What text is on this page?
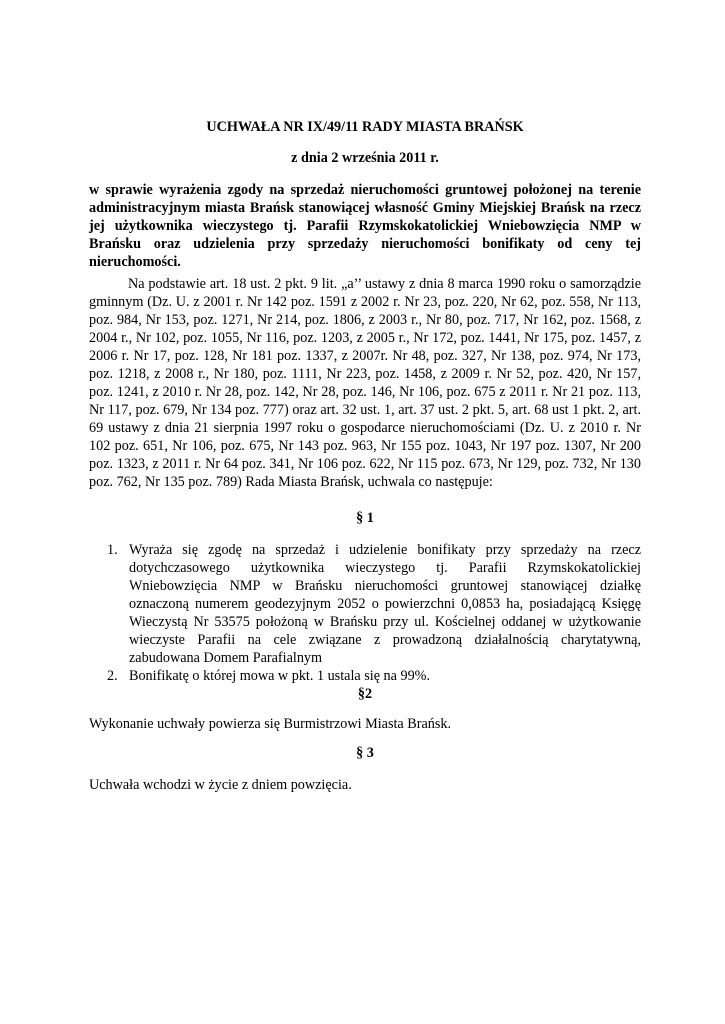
UCHWAŁA NR IX/49/11 RADY MIASTA BRAŃSK
z dnia 2 września 2011 r.
w sprawie wyrażenia zgody na sprzedaż nieruchomości gruntowej położonej na terenie administracyjnym miasta Brańsk stanowiącej własność Gminy Miejskiej Brańsk na rzecz jej użytkownika wieczystego tj. Parafii Rzymskokatolickiej Wniebowzięcia NMP w Brańsku oraz udzielenia przy sprzedaży nieruchomości bonifikaty od ceny tej nieruchomości.
Na podstawie art. 18 ust. 2 pkt. 9 lit. „a’’ ustawy z dnia 8 marca 1990 roku o samorządzie gminnym (Dz. U. z 2001 r. Nr 142 poz. 1591 z 2002 r. Nr 23, poz. 220, Nr 62, poz. 558, Nr 113, poz. 984, Nr 153, poz. 1271, Nr 214, poz. 1806, z 2003 r., Nr 80, poz. 717, Nr 162, poz. 1568, z 2004 r., Nr 102, poz. 1055, Nr 116, poz. 1203, z 2005 r., Nr 172, poz. 1441, Nr 175, poz. 1457, z 2006 r. Nr 17, poz. 128, Nr 181 poz. 1337, z 2007r. Nr 48, poz. 327, Nr 138, poz. 974, Nr 173, poz. 1218, z 2008 r., Nr 180, poz. 1111, Nr 223, poz. 1458, z 2009 r. Nr 52, poz. 420, Nr 157, poz. 1241, z 2010 r. Nr 28, poz. 142, Nr 28, poz. 146, Nr 106, poz. 675 z 2011 r. Nr 21 poz. 113, Nr 117, poz. 679, Nr 134 poz. 777) oraz art. 32 ust. 1, art. 37 ust. 2 pkt. 5, art. 68 ust 1 pkt. 2, art. 69 ustawy z dnia 21 sierpnia 1997 roku o gospodarce nieruchomościami (Dz. U. z 2010 r. Nr 102 poz. 651, Nr 106, poz. 675, Nr 143 poz. 963, Nr 155 poz. 1043, Nr 197 poz. 1307, Nr 200 poz. 1323, z 2011 r. Nr 64 poz. 341, Nr 106 poz. 622, Nr 115 poz. 673, Nr 129, poz. 732, Nr 130 poz. 762, Nr 135 poz. 789) Rada Miasta Brańsk, uchwala co następuje:
§ 1
1. Wyraża się zgodę na sprzedaż i udzielenie bonifikaty przy sprzedaży na rzecz dotychczasowego użytkownika wieczystego tj. Parafii Rzymskokatolickiej Wniebowzięcia NMP w Brańsku nieruchomości gruntowej stanowiącej działkę oznaczoną numerem geodezyjnym 2052 o powierzchni 0,0853 ha, posiadającą Księgę Wieczystą Nr 53575 położoną w Brańsku przy ul. Kościelnej oddanej w użytkowanie wieczyste Parafii na cele związane z prowadzoną działalnością charytatywną, zabudowana Domem Parafialnym
2. Bonifikatę o której mowa w pkt. 1 ustala się na 99%.
§2
Wykonanie uchwały powierza się Burmistrzowi Miasta Brańsk.
§ 3
Uchwała wchodzi w życie z dniem powzięcia.
